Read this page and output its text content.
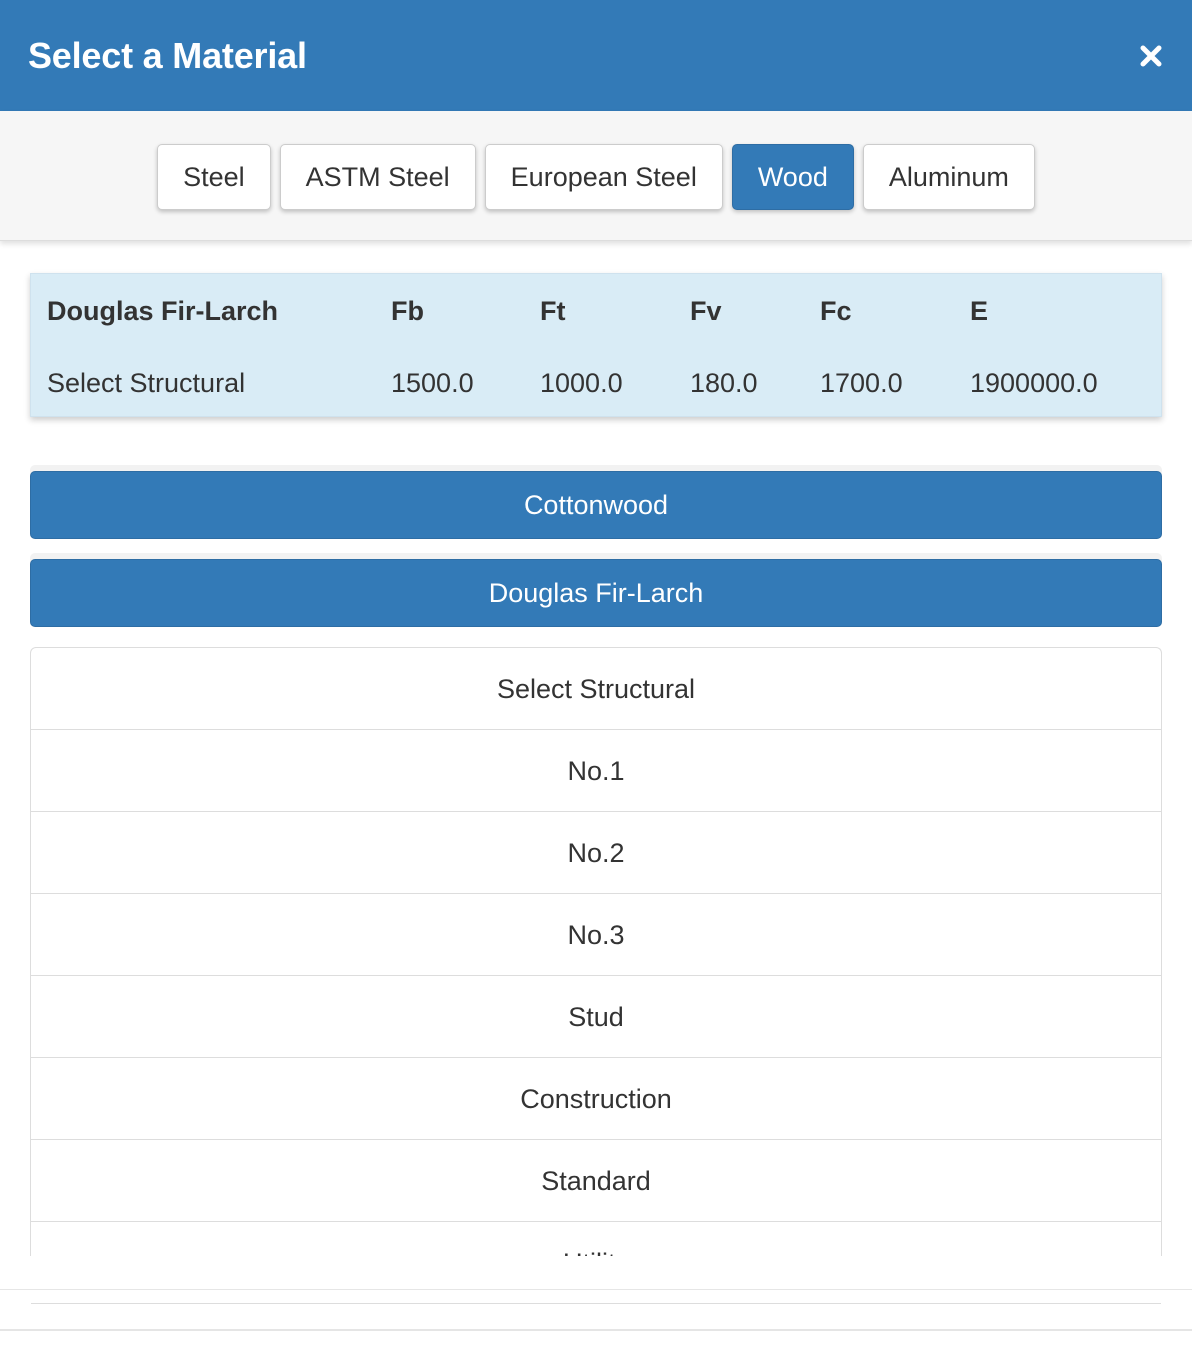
Select a Material
Steel	ASTM Steel	European Steel	Wood	Aluminum
Douglas Fir-Larch	Fb	Ft	Fv	Fc	E
Select Structural	1500.0 1000.0 180.0 1700.0 1900000.0
Cottonwood
Douglas Fir-Larch
Select Structural
No.1
No.2
No.3
Stud
Construction
Standard
